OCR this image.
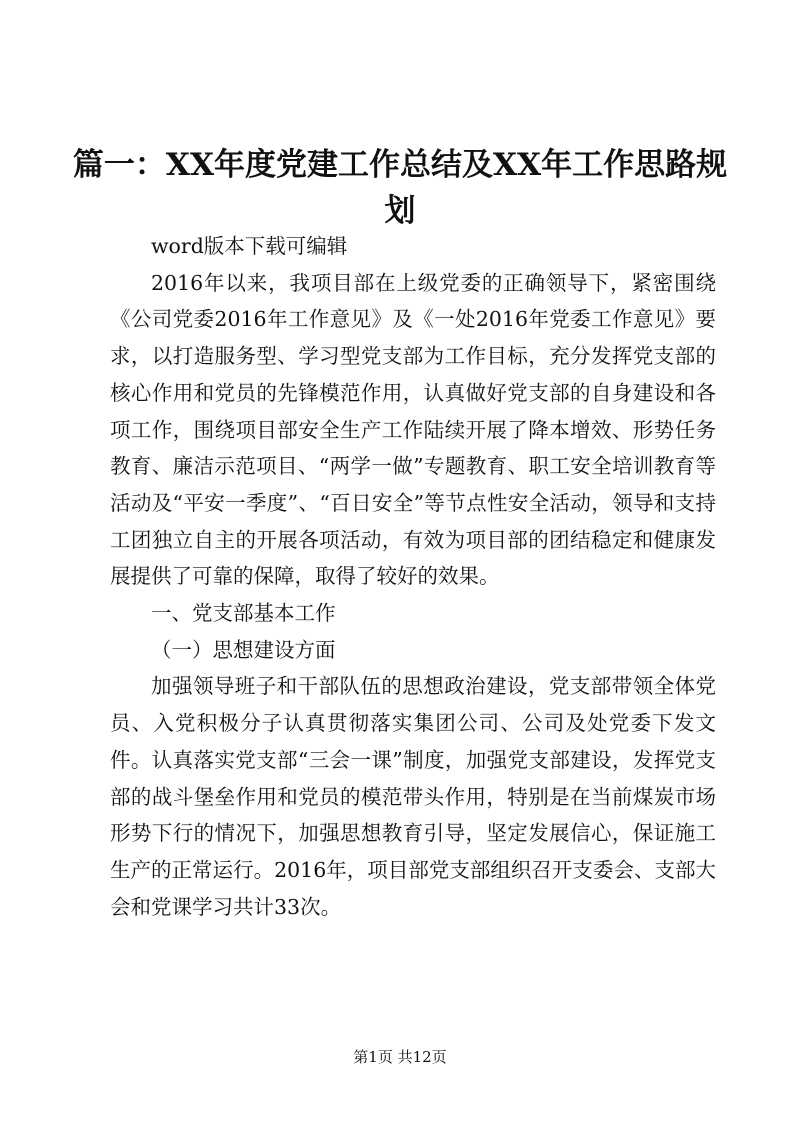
篇一：XX年度党建工作总结及XX年工作思路规划

word版本下载可编辑

2016年以来，我项目部在上级党委的正确领导下，紧密围绕《公司党委2016年工作意见》及《一处2016年党委工作意见》要求，以打造服务型、学习型党支部为工作目标，充分发挥党支部的核心作用和党员的先锋模范作用，认真做好党支部的自身建设和各项工作，围绕项目部安全生产工作陆续开展了降本增效、形势任务教育、廉洁示范项目、“两学一做”专题教育、职工安全培训教育等活动及“平安一季度”、“百日安全”等节点性安全活动，领导和支持工团独立自主的开展各项活动，有效为项目部的团结稳定和健康发展提供了可靠的保障，取得了较好的效果。

一、党支部基本工作

（一）思想建设方面

加强领导班子和干部队伍的思想政治建设，党支部带领全体党员、入党积极分子认真贯彻落实集团公司、公司及处党委下发文件。认真落实党支部“三会一课”制度，加强党支部建设，发挥党支部的战斗堡垒作用和党员的模范带头作用，特别是在当前煤炭市场形势下行的情况下，加强思想教育引导，坚定发展信心，保证施工生产的正常运行。2016年，项目部党支部组织召开支委会、支部大会和党课学习共计33次。

第1页 共12页
